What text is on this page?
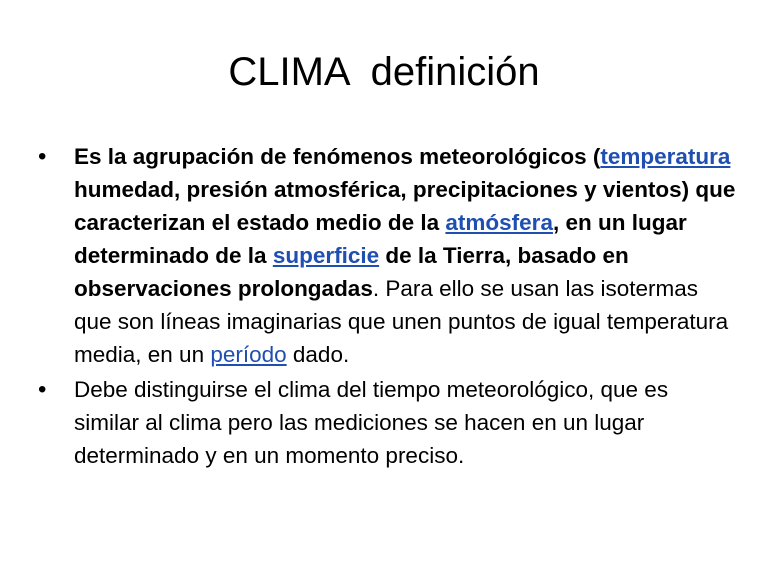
CLIMA  definición
•	Es la agrupación de fenómenos meteorológicos (temperatura humedad, presión atmosférica, precipitaciones y vientos) que caracterizan el estado medio de la atmósfera, en un lugar determinado de la superficie de la Tierra, basado en observaciones prolongadas. Para ello se usan las isotermas que son líneas imaginarias que unen puntos de igual temperatura media, en un período dado.
•	Debe distinguirse el clima del tiempo meteorológico, que es similar al clima pero las mediciones se hacen en un lugar determinado y en un momento preciso.
